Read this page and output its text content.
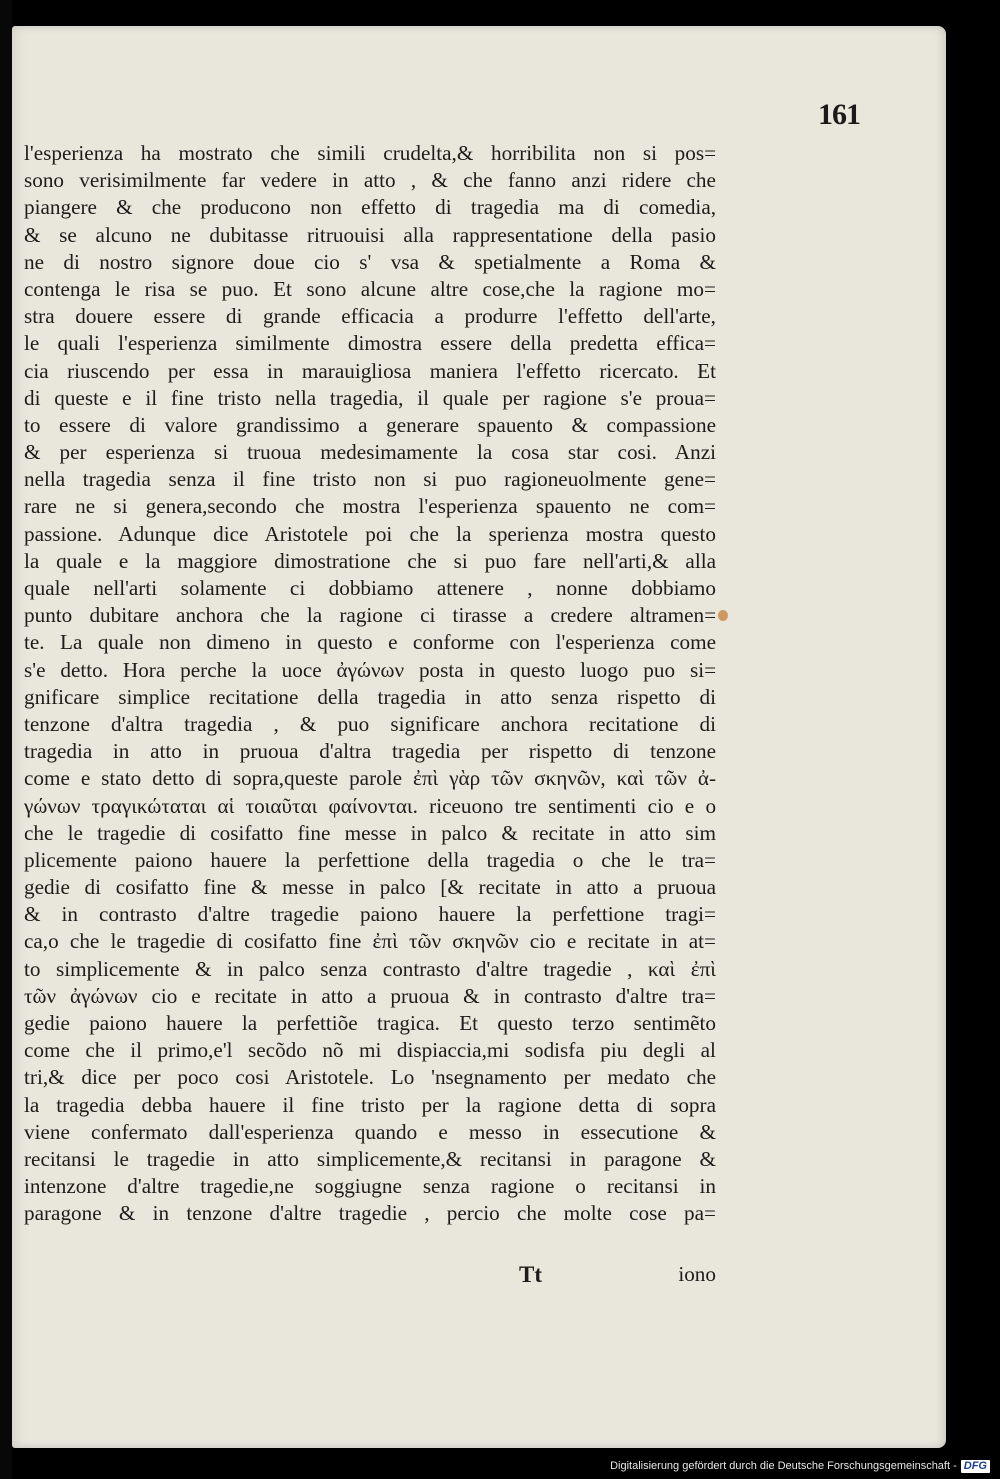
161
l'esperienza ha mostrato che simili crudelta,& horribilita non si pos=
sono verisimilmente far vedere in atto , & che fanno anzi ridere che
piangere & che producono non effetto di tragedia ma di comedia,
& se alcuno ne dubitasse ritruouisi alla rappresentatione della pasio
ne di nostro signore doue cio s' vsa & spetialmente a Roma &
contenga le risa se puo. Et sono alcune altre cose,che la ragione mo=
stra douere essere di grande efficacia a produrre l'effetto dell'arte,
le quali l'esperienza similmente dimostra essere della predetta effica=
cia riuscendo per essa in marauigliosa maniera l'effetto ricercato. Et
di queste e il fine tristo nella tragedia, il quale per ragione s'e proua=
to essere di valore grandissimo a generare spauento & compassione
& per esperienza si truoua medesimamente la cosa star cosi. Anzi
nella tragedia senza il fine tristo non si puo ragioneuolmente gene=
rare ne si genera,secondo che mostra l'esperienza spauento ne com=
passione. Adunque dice Aristotele poi che la sperienza mostra questo
la quale e la maggiore dimostratione che si puo fare nell'arti,& alla
quale nell'arti solamente ci dobbiamo attenere , nonne dobbiamo
punto dubitare anchora che la ragione ci tirasse a credere altramen=
te. La quale non dimeno in questo e conforme con l'esperienza come
s'e detto. Hora perche la uoce ἀγώνων posta in questo luogo puo si=
gnificare simplice recitatione della tragedia in atto senza rispetto di
tenzone d'altra tragedia , & puo significare anchora recitatione di
tragedia in atto in pruoua d'altra tragedia per rispetto di tenzone
come e stato detto di sopra,queste parole ἐπὶ γὰρ τῶν σκηνῶν, καὶ τῶν ἀ-
γώνων τραγικώταται αἱ τοιαῦται φαίνονται. riceuono tre sentimenti cio e o
che le tragedie di cosifatto fine messe in palco & recitate in atto sim
plicemente paiono hauere la perfettione della tragedia o che le tra=
gedie di cosifatto fine & messe in palco [& recitate in atto a pruoua
& in contrasto d'altre tragedie paiono hauere la perfettione tragi=
ca,o che le tragedie di cosifatto fine ἐπὶ τῶν σκηνῶν cio e recitate in at=
to simplicemente & in palco senza contrasto d'altre tragedie , καὶ ἐπὶ
τῶν ἀγώνων cio e recitate in atto a pruoua & in contrasto d'altre tra=
gedie paiono hauere la perfettiõe tragica. Et questo terzo sentimẽto
come che il primo,e'l secõdo nõ mi dispiaccia,mi sodisfa piu degli al
tri,& dice per poco cosi Aristotele. Lo 'nsegnamento per medato che
la tragedia debba hauere il fine tristo per la ragione detta di sopra
viene confermato dall'esperienza quando e messo in essecutione &
recitansi le tragedie in atto simplicemente,& recitansi in paragone &
intenzone d'altre tragedie,ne soggiugne senza ragione o recitansi in
paragone & in tenzone d'altre tragedie , percio che molte cose pa=
Tt	iono
Digitalisierung gefördert durch die Deutsche Forschungsgemeinschaft - DFG
